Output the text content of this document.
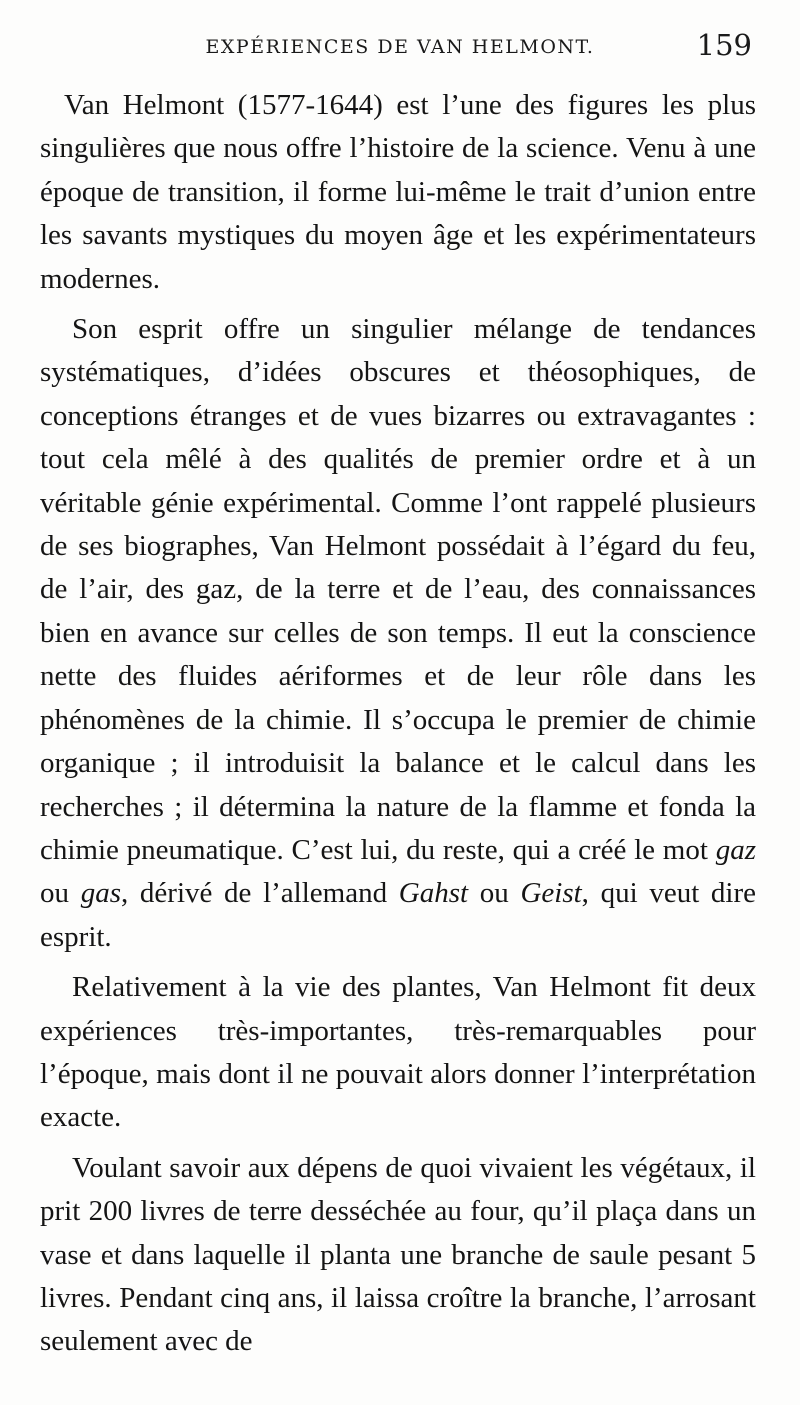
EXPÉRIENCES DE VAN HELMONT.	159

Van Helmont (1577-1644) est l’une des figures les plus singulières que nous offre l’histoire de la science. Venu à une époque de transition, il forme lui-même le trait d’union entre les savants mystiques du moyen âge et les expérimentateurs modernes.

Son esprit offre un singulier mélange de tendances systématiques, d’idées obscures et théosophiques, de conceptions étranges et de vues bizarres ou extravagantes : tout cela mêlé à des qualités de premier ordre et à un véritable génie expérimental. Comme l’ont rappelé plusieurs de ses biographes, Van Helmont possédait à l’égard du feu, de l’air, des gaz, de la terre et de l’eau, des connaissances bien en avance sur celles de son temps. Il eut la conscience nette des fluides aériformes et de leur rôle dans les phénomènes de la chimie. Il s’occupa le premier de chimie organique ; il introduisit la balance et le calcul dans les recherches ; il détermina la nature de la flamme et fonda la chimie pneumatique. C’est lui, du reste, qui a créé le mot gaz ou gas, dérivé de l’allemand Gahst ou Geist, qui veut dire esprit.

Relativement à la vie des plantes, Van Helmont fit deux expériences très-importantes, très-remarquables pour l’époque, mais dont il ne pouvait alors donner l’interprétation exacte.

Voulant savoir aux dépens de quoi vivaient les végétaux, il prit 200 livres de terre desséchée au four, qu’il plaça dans un vase et dans laquelle il planta une branche de saule pesant 5 livres. Pendant cinq ans, il laissa croître la branche, l’arrosant seulement avec de
